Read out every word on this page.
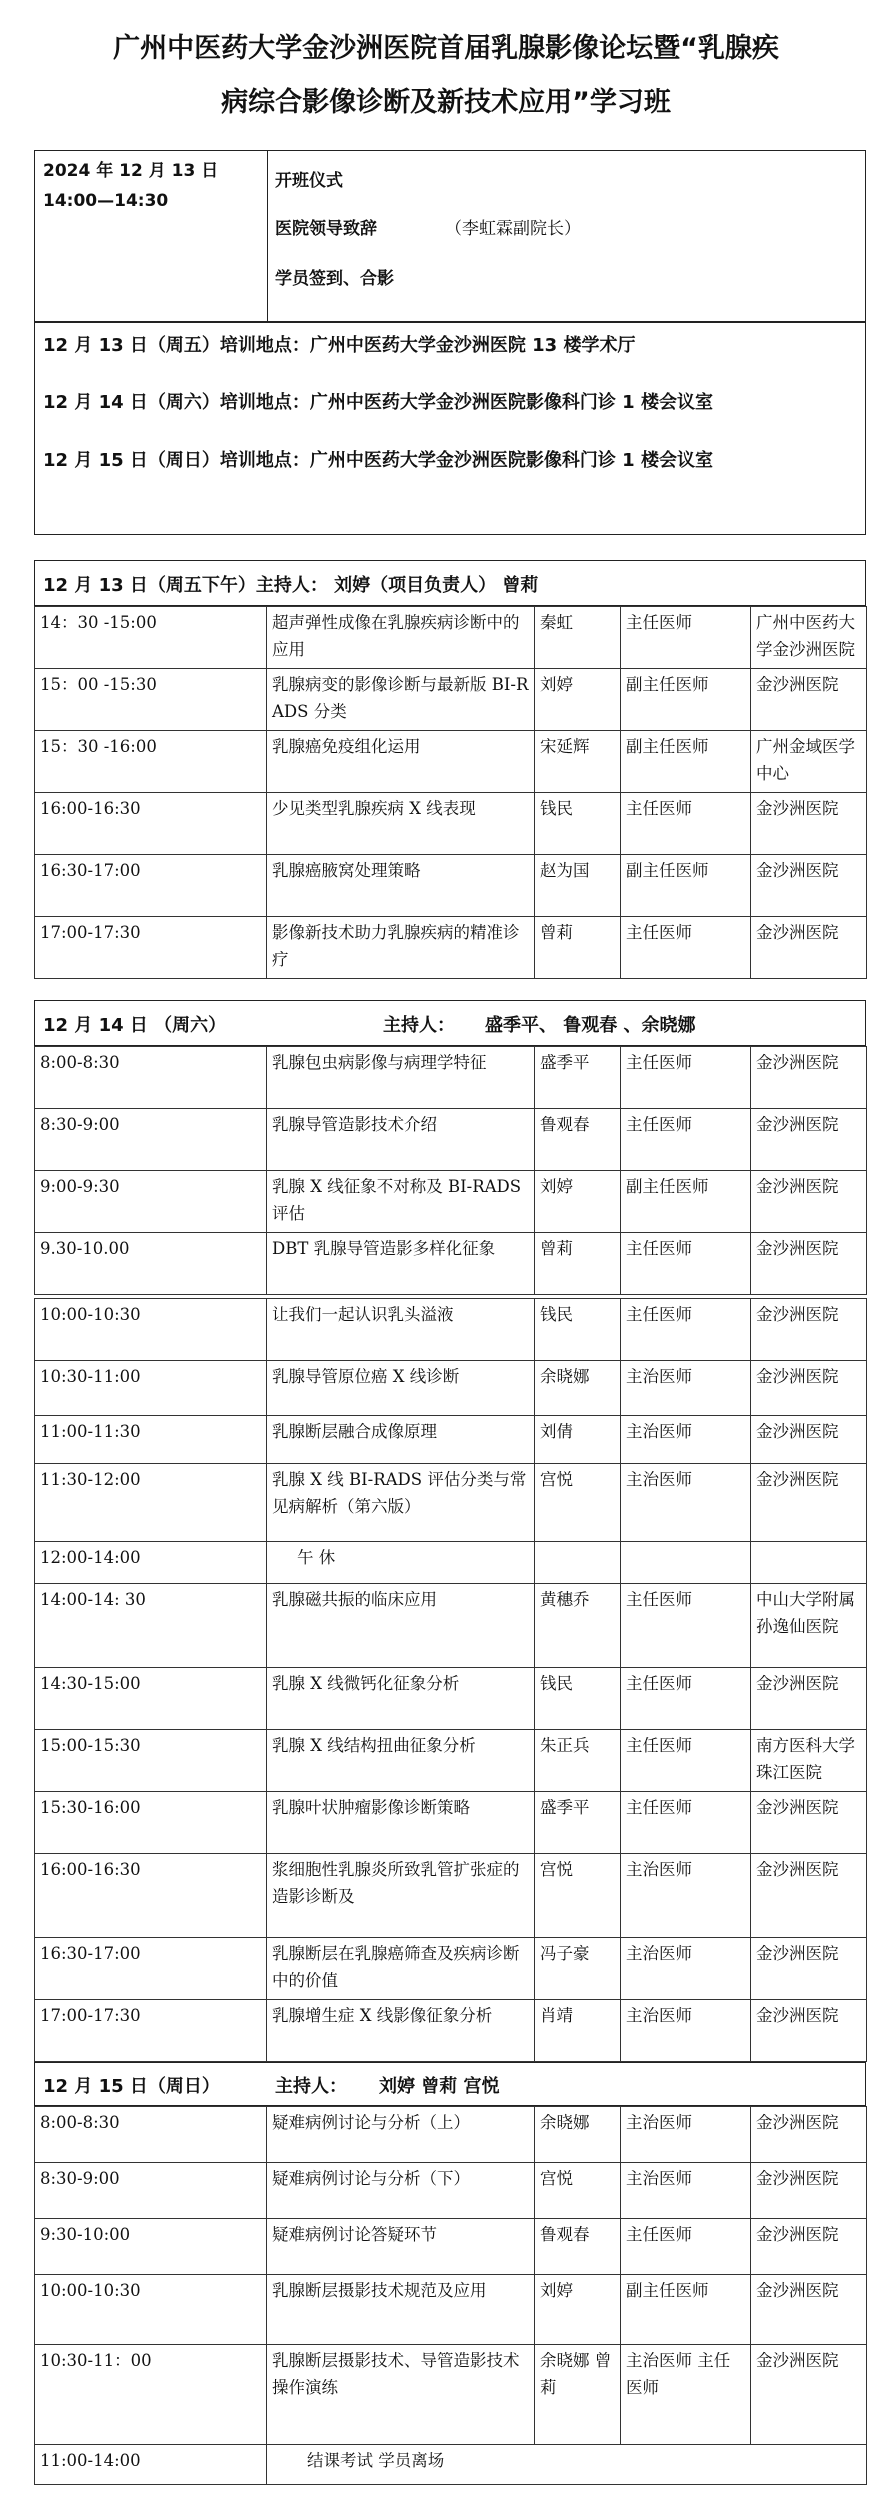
广州中医药大学金沙洲医院首届乳腺影像论坛暨“乳腺疾
病综合影像诊断及新技术应用”学习班
2024 年 12 月 13 日
14:00—14:30
开班仪式
医院领导致辞	（李虹霖副院长）
学员签到、合影
12 月 13 日（周五）培训地点：广州中医药大学金沙洲医院 13 楼学术厅
12 月 14 日（周六）培训地点：广州中医药大学金沙洲医院影像科门诊 1 楼会议室
12 月 15 日（周日）培训地点：广州中医药大学金沙洲医院影像科门诊 1 楼会议室
12 月 13 日（周五下午）主持人： 刘婷（项目负责人） 曾莉
14：30 -15:00	超声弹性成像在乳腺疾病诊断中的应用	秦虹	主任医师	广州中医药大学金沙洲医院
15：00 -15:30	乳腺病变的影像诊断与最新版 BI-RADS 分类	刘婷	副主任医师	金沙洲医院
15：30 -16:00	乳腺癌免疫组化运用	宋延辉	副主任医师	广州金域医学中心
16:00-16:30	少见类型乳腺疾病 X 线表现	钱民	主任医师	金沙洲医院
16:30-17:00	乳腺癌腋窝处理策略	赵为国	副主任医师	金沙洲医院
17:00-17:30	影像新技术助力乳腺疾病的精准诊疗	曾莉	主任医师	金沙洲医院
12 月 14 日 （周六）	主持人： 盛季平、 鲁观春 、余晓娜
8:00-8:30	乳腺包虫病影像与病理学特征	盛季平	主任医师	金沙洲医院
8:30-9:00	乳腺导管造影技术介绍	鲁观春	主任医师	金沙洲医院
9:00-9:30	乳腺 X 线征象不对称及 BI-RADS 评估	刘婷	副主任医师	金沙洲医院
9.30-10.00	DBT 乳腺导管造影多样化征象	曾莉	主任医师	金沙洲医院
10:00-10:30	让我们一起认识乳头溢液	钱民	主任医师	金沙洲医院
10:30-11:00	乳腺导管原位癌 X 线诊断	余晓娜	主治医师	金沙洲医院
11:00-11:30	乳腺断层融合成像原理	刘倩	主治医师	金沙洲医院
11:30-12:00	乳腺 X 线 BI-RADS 评估分类与常见病解析（第六版）	宫悦	主治医师	金沙洲医院
12:00-14:00	午 休			
14:00-14: 30	乳腺磁共振的临床应用	黄穗乔	主任医师	中山大学附属孙逸仙医院
14:30-15:00	乳腺 X 线微钙化征象分析	钱民	主任医师	金沙洲医院
15:00-15:30	乳腺 X 线结构扭曲征象分析	朱正兵	主任医师	南方医科大学珠江医院
15:30-16:00	乳腺叶状肿瘤影像诊断策略	盛季平	主任医师	金沙洲医院
16:00-16:30	浆细胞性乳腺炎所致乳管扩张症的造影诊断及	宫悦	主治医师	金沙洲医院
16:30-17:00	乳腺断层在乳腺癌筛查及疾病诊断中的价值	冯子豪	主治医师	金沙洲医院
17:00-17:30	乳腺增生症 X 线影像征象分析	肖靖	主治医师	金沙洲医院
12 月 15 日（周日）	主持人： 刘婷 曾莉 宫悦
8:00-8:30	疑难病例讨论与分析（上）	余晓娜	主治医师	金沙洲医院
8:30-9:00	疑难病例讨论与分析（下）	宫悦	主治医师	金沙洲医院
9:30-10:00	疑难病例讨论答疑环节	鲁观春	主任医师	金沙洲医院
10:00-10:30	乳腺断层摄影技术规范及应用	刘婷	副主任医师	金沙洲医院
10:30-11：00	乳腺断层摄影技术、导管造影技术操作演练	余晓娜 曾莉	主治医师 主任医师	金沙洲医院
11:00-14:00	结课考试 学员离场			
